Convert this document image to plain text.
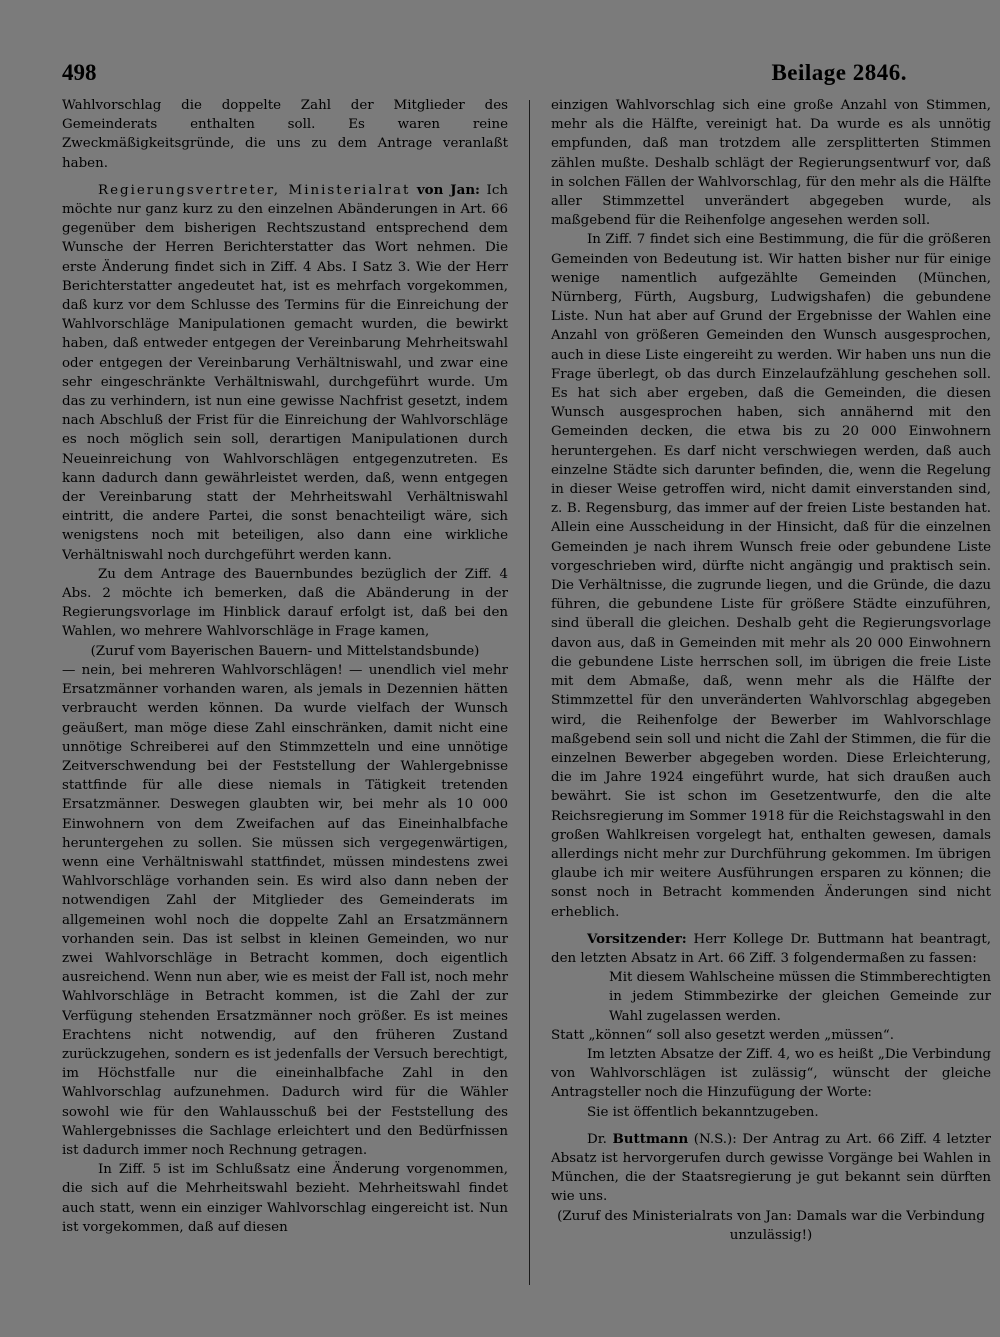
498	Beilage 2846.

Wahlvorschlag die doppelte Zahl der Mitglieder des Gemeinderats enthalten soll. Es waren reine Zweckmäßigkeitsgründe, die uns zu dem Antrage veranlaßt haben.

Regierungsvertreter, Ministerialrat von Jan: Ich möchte nur ganz kurz zu den einzelnen Abänderungen in Art. 66 gegenüber dem bisherigen Rechtszustand entsprechend dem Wunsche der Herren Berichterstatter das Wort nehmen. Die erste Änderung findet sich in Ziff. 4 Abs. I Satz 3. Wie der Herr Berichterstatter angedeutet hat, ist es mehrfach vorgekommen, daß kurz vor dem Schlusse des Termins für die Einreichung der Wahlvorschläge Manipulationen gemacht wurden, die bewirkt haben, daß entweder entgegen der Vereinbarung Mehrheitswahl oder entgegen der Vereinbarung Verhältniswahl, und zwar eine sehr eingeschränkte Verhältniswahl, durchgeführt wurde. Um das zu verhindern, ist nun eine gewisse Nachfrist gesetzt, indem nach Abschluß der Frist für die Einreichung der Wahlvorschläge es noch möglich sein soll, derartigen Manipulationen durch Neueinreichung von Wahlvorschlägen entgegenzutreten. Es kann dadurch dann gewährleistet werden, daß, wenn entgegen der Vereinbarung statt der Mehrheitswahl Verhältniswahl eintritt, die andere Partei, die sonst benachteiligt wäre, sich wenigstens noch mit beteiligen, also dann eine wirkliche Verhältniswahl noch durchgeführt werden kann.

Zu dem Antrage des Bauernbundes bezüglich der Ziff. 4 Abs. 2 möchte ich bemerken, daß die Abänderung in der Regierungsvorlage im Hinblick darauf erfolgt ist, daß bei den Wahlen, wo mehrere Wahlvorschläge in Frage kamen,

(Zuruf vom Bayerischen Bauern- und Mittelstandsbunde)

— nein, bei mehreren Wahlvorschlägen! — unendlich viel mehr Ersatzmänner vorhanden waren, als jemals in Dezennien hätten verbraucht werden können. Da wurde vielfach der Wunsch geäußert, man möge diese Zahl einschränken, damit nicht eine unnötige Schreiberei auf den Stimmzetteln und eine unnötige Zeitverschwendung bei der Feststellung der Wahlergebnisse stattfinde für alle diese niemals in Tätigkeit tretenden Ersatzmänner. Deswegen glaubten wir, bei mehr als 10 000 Einwohnern von dem Zweifachen auf das Eineinhalbfache heruntergehen zu sollen. Sie müssen sich vergegenwärtigen, wenn eine Verhältniswahl stattfindet, müssen mindestens zwei Wahlvorschläge vorhanden sein. Es wird also dann neben der notwendigen Zahl der Mitglieder des Gemeinderats im allgemeinen wohl noch die doppelte Zahl an Ersatzmännern vorhanden sein. Das ist selbst in kleinen Gemeinden, wo nur zwei Wahlvorschläge in Betracht kommen, doch eigentlich ausreichend. Wenn nun aber, wie es meist der Fall ist, noch mehr Wahlvorschläge in Betracht kommen, ist die Zahl der zur Verfügung stehenden Ersatzmänner noch größer. Es ist meines Erachtens nicht notwendig, auf den früheren Zustand zurückzugehen, sondern es ist jedenfalls der Versuch berechtigt, im Höchstfalle nur die eineinhalbfache Zahl in den Wahlvorschlag aufzunehmen. Dadurch wird für die Wähler sowohl wie für den Wahlausschuß bei der Feststellung des Wahlergebnisses die Sachlage erleichtert und den Bedürfnissen ist dadurch immer noch Rechnung getragen.

In Ziff. 5 ist im Schlußsatz eine Änderung vorgenommen, die sich auf die Mehrheitswahl bezieht. Mehrheitswahl findet auch statt, wenn ein einziger Wahlvorschlag eingereicht ist. Nun ist vorgekommen, daß auf diesen

einzigen Wahlvorschlag sich eine große Anzahl von Stimmen, mehr als die Hälfte, vereinigt hat. Da wurde es als unnötig empfunden, daß man trotzdem alle zersplitterten Stimmen zählen mußte. Deshalb schlägt der Regierungsentwurf vor, daß in solchen Fällen der Wahlvorschlag, für den mehr als die Hälfte aller Stimmzettel unverändert abgegeben wurde, als maßgebend für die Reihenfolge angesehen werden soll.

In Ziff. 7 findet sich eine Bestimmung, die für die größeren Gemeinden von Bedeutung ist. Wir hatten bisher nur für einige wenige namentlich aufgezählte Gemeinden (München, Nürnberg, Fürth, Augsburg, Ludwigshafen) die gebundene Liste. Nun hat aber auf Grund der Ergebnisse der Wahlen eine Anzahl von größeren Gemeinden den Wunsch ausgesprochen, auch in diese Liste eingereiht zu werden. Wir haben uns nun die Frage überlegt, ob das durch Einzelaufzählung geschehen soll. Es hat sich aber ergeben, daß die Gemeinden, die diesen Wunsch ausgesprochen haben, sich annähernd mit den Gemeinden decken, die etwa bis zu 20 000 Einwohnern heruntergehen. Es darf nicht verschwiegen werden, daß auch einzelne Städte sich darunter befinden, die, wenn die Regelung in dieser Weise getroffen wird, nicht damit einverstanden sind, z. B. Regensburg, das immer auf der freien Liste bestanden hat. Allein eine Ausscheidung in der Hinsicht, daß für die einzelnen Gemeinden je nach ihrem Wunsch freie oder gebundene Liste vorgeschrieben wird, dürfte nicht angängig und praktisch sein. Die Verhältnisse, die zugrunde liegen, und die Gründe, die dazu führen, die gebundene Liste für größere Städte einzuführen, sind überall die gleichen. Deshalb geht die Regierungsvorlage davon aus, daß in Gemeinden mit mehr als 20 000 Einwohnern die gebundene Liste herrschen soll, im übrigen die freie Liste mit dem Abmaße, daß, wenn mehr als die Hälfte der Stimmzettel für den unveränderten Wahlvorschlag abgegeben wird, die Reihenfolge der Bewerber im Wahlvorschlage maßgebend sein soll und nicht die Zahl der Stimmen, die für die einzelnen Bewerber abgegeben worden. Diese Erleichterung, die im Jahre 1924 eingeführt wurde, hat sich draußen auch bewährt. Sie ist schon im Gesetzentwurfe, den die alte Reichsregierung im Sommer 1918 für die Reichstagswahl in den großen Wahlkreisen vorgelegt hat, enthalten gewesen, damals allerdings nicht mehr zur Durchführung gekommen. Im übrigen glaube ich mir weitere Ausführungen ersparen zu können; die sonst noch in Betracht kommenden Änderungen sind nicht erheblich.

Vorsitzender: Herr Kollege Dr. Buttmann hat beantragt, den letzten Absatz in Art. 66 Ziff. 3 folgendermaßen zu fassen:

Mit diesem Wahlscheine müssen die Stimmberechtigten in jedem Stimmbezirke der gleichen Gemeinde zur Wahl zugelassen werden.

Statt „können“ soll also gesetzt werden „müssen“.

Im letzten Absatze der Ziff. 4, wo es heißt „Die Verbindung von Wahlvorschlägen ist zulässig“, wünscht der gleiche Antragsteller noch die Hinzufügung der Worte:

Sie ist öffentlich bekanntzugeben.

Dr. Buttmann (N.S.): Der Antrag zu Art. 66 Ziff. 4 letzter Absatz ist hervorgerufen durch gewisse Vorgänge bei Wahlen in München, die der Staatsregierung je gut bekannt sein dürften wie uns.

(Zuruf des Ministerialrats von Jan: Damals war die Verbindung unzulässig!)
